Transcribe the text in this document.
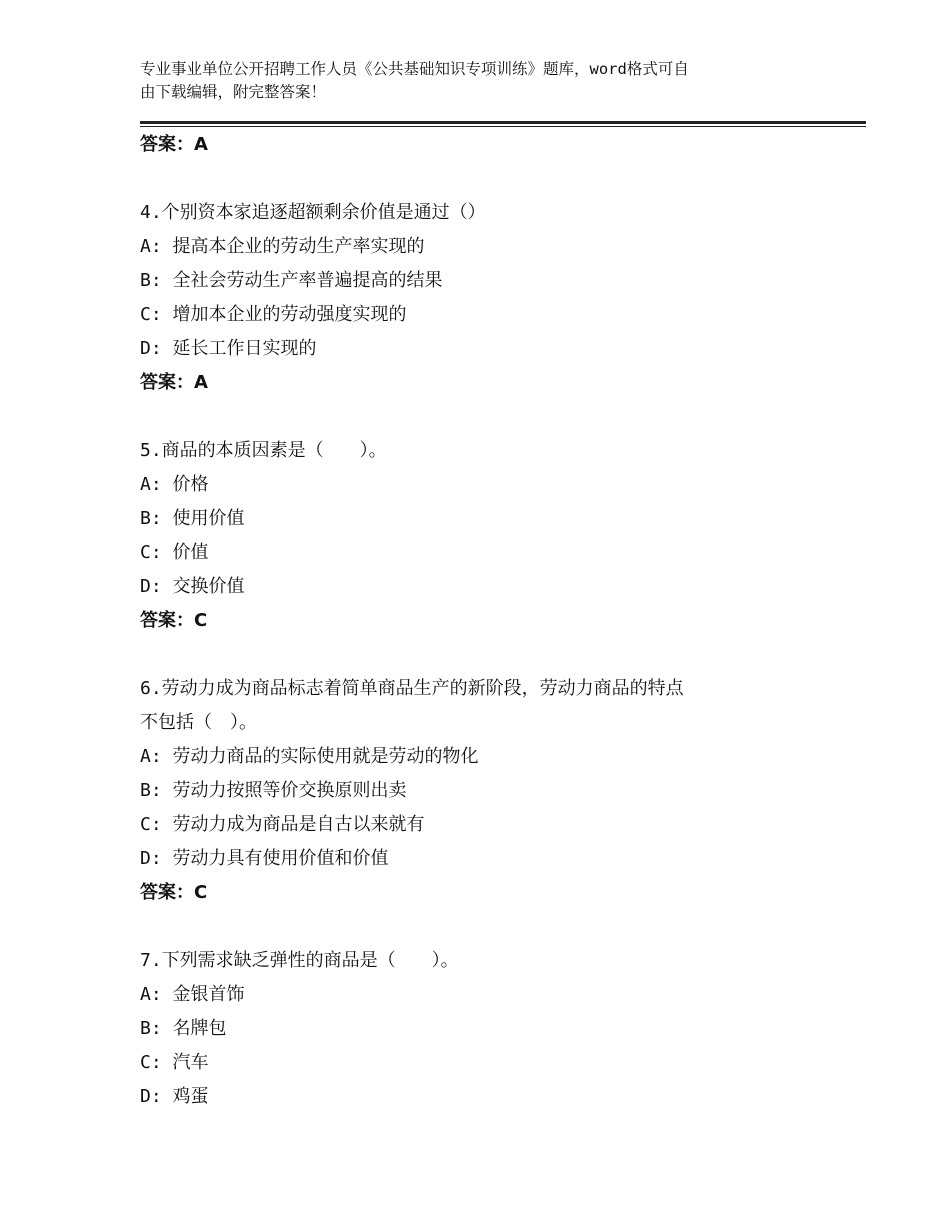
专业事业单位公开招聘工作人员《公共基础知识专项训练》题库，word格式可自
由下载编辑，附完整答案！
答案：A
4.个别资本家追逐超额剩余价值是通过（）
A: 提高本企业的劳动生产率实现的
B: 全社会劳动生产率普遍提高的结果
C: 增加本企业的劳动强度实现的
D: 延长工作日实现的
答案：A
5.商品的本质因素是（　　）。
A: 价格
B: 使用价值
C: 价值
D: 交换价值
答案：C
6.劳动力成为商品标志着简单商品生产的新阶段，劳动力商品的特点
不包括（　）。
A: 劳动力商品的实际使用就是劳动的物化
B: 劳动力按照等价交换原则出卖
C: 劳动力成为商品是自古以来就有
D: 劳动力具有使用价值和价值
答案：C
7.下列需求缺乏弹性的商品是（　　）。
A: 金银首饰
B: 名牌包
C: 汽车
D: 鸡蛋
